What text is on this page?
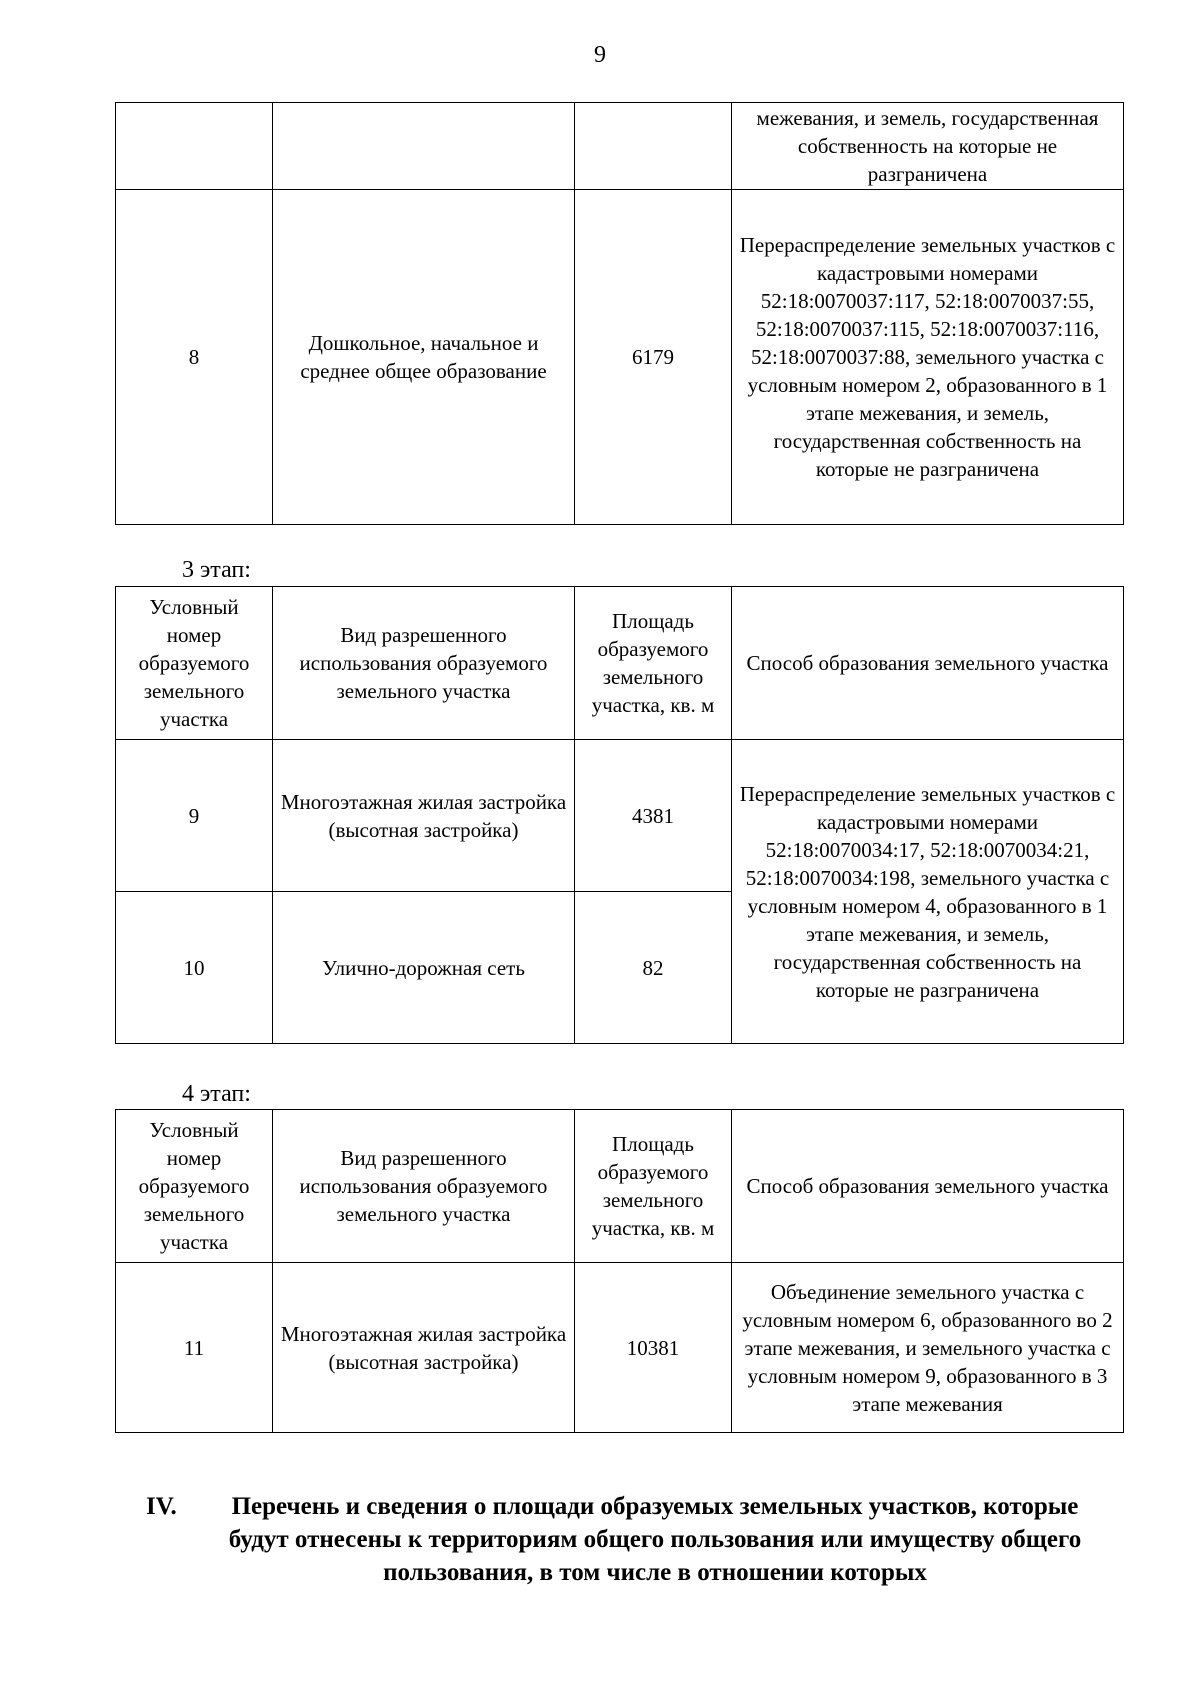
9
			межевания, и земель, государственная собственность на которые не разграничена
8	Дошкольное, начальное и среднее общее образование	6179	Перераспределение земельных участков с кадастровыми номерами 52:18:0070037:117, 52:18:0070037:55, 52:18:0070037:115, 52:18:0070037:116, 52:18:0070037:88, земельного участка с условным номером 2, образованного в 1 этапе межевания, и земель, государственная собственность на которые не разграничена
3 этап:
Условный номер образуемого земельного участка	Вид разрешенного использования образуемого земельного участка	Площадь образуемого земельного участка, кв. м	Способ образования земельного участка
9	Многоэтажная жилая застройка (высотная застройка)	4381	Перераспределение земельных участков с кадастровыми номерами 52:18:0070034:17, 52:18:0070034:21, 52:18:0070034:198, земельного участка с условным номером 4, образованного в 1 этапе межевания, и земель, государственная собственность на которые не разграничена
10	Улично-дорожная сеть	82	
4 этап:
Условный номер образуемого земельного участка	Вид разрешенного использования образуемого земельного участка	Площадь образуемого земельного участка, кв. м	Способ образования земельного участка
11	Многоэтажная жилая застройка (высотная застройка)	10381	Объединение земельного участка с условным номером 6, образованного во 2 этапе межевания, и земельного участка с условным номером 9, образованного в 3 этапе межевания
IV.	Перечень и сведения о площади образуемых земельных участков, которые будут отнесены к территориям общего пользования или имуществу общего пользования, в том числе в отношении которых
